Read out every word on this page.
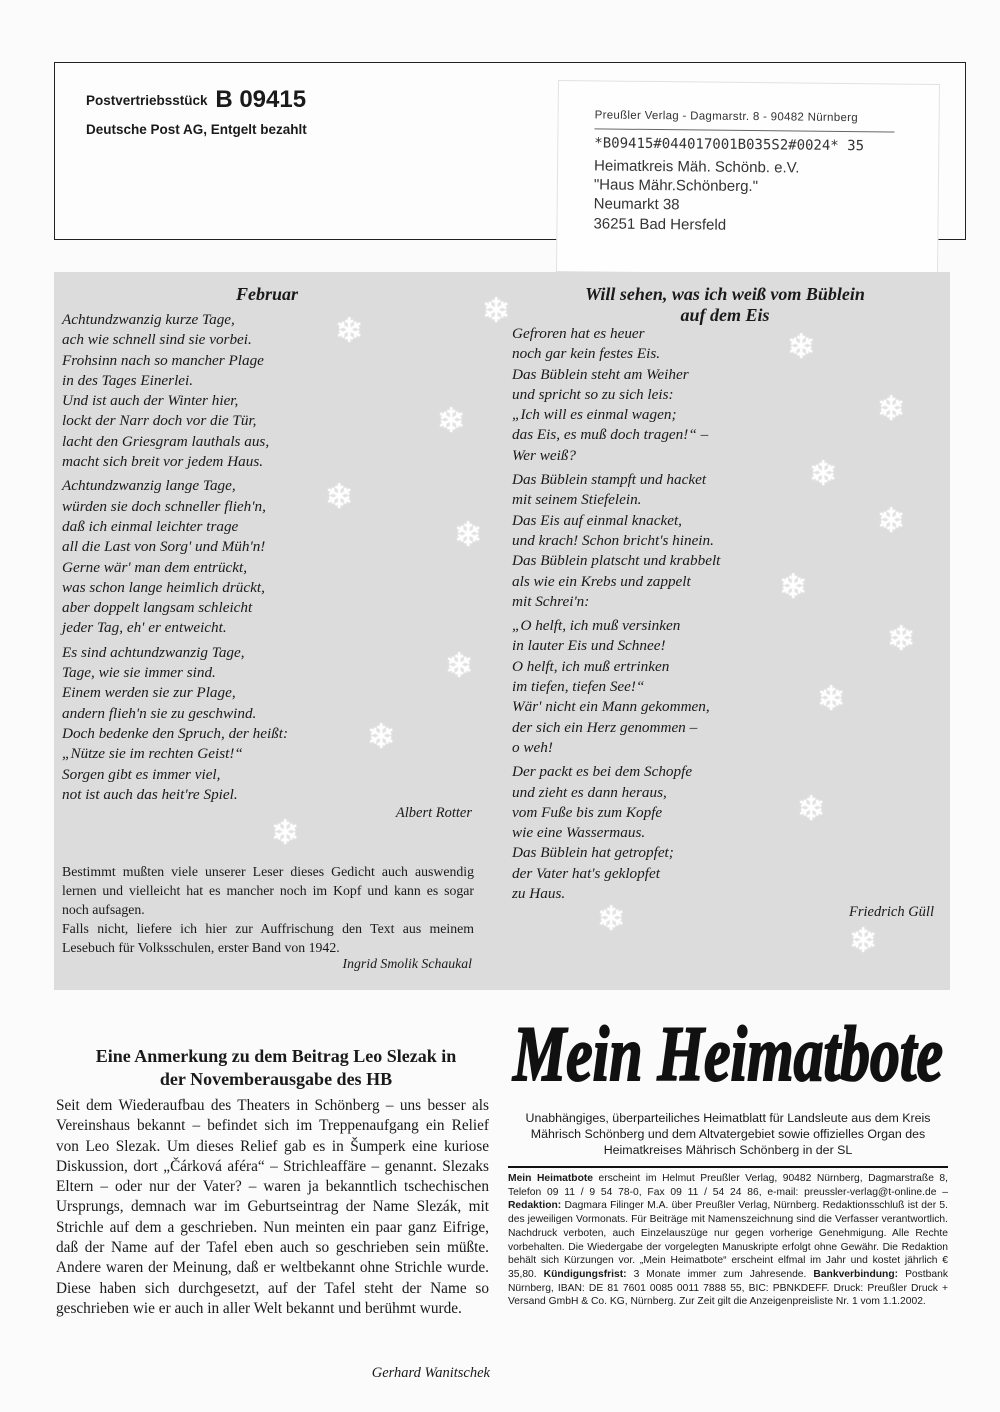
Postvertriebsstück B 09415
Deutsche Post AG, Entgelt bezahlt
Preußler Verlag - Dagmarstr. 8 - 90482 Nürnberg
*B09415#044017001B035S2#0024* 35
Heimatkreis Mäh. Schönb. e.V.
"Haus Mähr.Schönberg."
Neumarkt 38
36251 Bad Hersfeld
❄	❄
❄
❄
❄
❄
❄
❄	❄
❄
❄
❄
❄
❄
❄
❄
❄
❄
Februar
Achtundzwanzig kurze Tage,
ach wie schnell sind sie vorbei.
Frohsinn nach so mancher Plage
in des Tages Einerlei.
Und ist auch der Winter hier,
lockt der Narr doch vor die Tür,
lacht den Griesgram lauthals aus,
macht sich breit vor jedem Haus.
Achtundzwanzig lange Tage,
würden sie doch schneller flieh'n,
daß ich einmal leichter trage
all die Last von Sorg' und Müh'n!
Gerne wär' man dem entrückt,
was schon lange heimlich drückt,
aber doppelt langsam schleicht
jeder Tag, eh' er entweicht.
Es sind achtundzwanzig Tage,
Tage, wie sie immer sind.
Einem werden sie zur Plage,
andern flieh'n sie zu geschwind.
Doch bedenke den Spruch, der heißt:
„Nütze sie im rechten Geist!“
Sorgen gibt es immer viel,
not ist auch das heit're Spiel.
Albert Rotter
Bestimmt mußten viele unserer Leser dieses Gedicht auch auswendig lernen und vielleicht hat es mancher noch im Kopf und kann es sogar noch aufsagen.
Falls nicht, liefere ich hier zur Auffrischung den Text aus meinem Lesebuch für Volksschulen, erster Band von 1942.
Ingrid Smolik Schaukal
Will sehen, was ich weiß vom Büblein
auf dem Eis
Gefroren hat es heuer
noch gar kein festes Eis.
Das Büblein steht am Weiher
und spricht so zu sich leis:
„Ich will es einmal wagen;
das Eis, es muß doch tragen!“ –
Wer weiß?
Das Büblein stampft und hacket
mit seinem Stiefelein.
Das Eis auf einmal knacket,
und krach! Schon bricht's hinein.
Das Büblein platscht und krabbelt
als wie ein Krebs und zappelt
mit Schrei'n:
„O helft, ich muß versinken
in lauter Eis und Schnee!
O helft, ich muß ertrinken
im tiefen, tiefen See!“
Wär' nicht ein Mann gekommen,
der sich ein Herz genommen –
o weh!
Der packt es bei dem Schopfe
und zieht es dann heraus,
vom Fuße bis zum Kopfe
wie eine Wassermaus.
Das Büblein hat getropfet;
der Vater hat's geklopfet
zu Haus.
Friedrich Güll
Eine Anmerkung zu dem Beitrag Leo Slezak in
der Novemberausgabe des HB
Seit dem Wiederaufbau des Theaters in Schönberg – uns besser als Vereinshaus bekannt – befindet sich im Treppenaufgang ein Relief von Leo Slezak. Um dieses Relief gab es in Šumperk eine kuriose Diskussion, dort „Čárková aféra“ – Strichleaffäre – genannt. Slezaks Eltern – oder nur der Vater? – waren ja bekanntlich tschechischen Ursprungs, demnach war im Geburtseintrag der Name Slezák, mit Strichle auf dem a geschrieben. Nun meinten ein paar ganz Eifrige, daß der Name auf der Tafel eben auch so geschrieben sein müßte. Andere waren der Meinung, daß er weltbekannt ohne Strichle wurde. Diese haben sich durchgesetzt, auf der Tafel steht der Name so geschrieben wie er auch in aller Welt bekannt und berühmt wurde.
Gerhard Wanitschek
Mein Heimatbote
Unabhängiges, überparteiliches Heimatblatt für Landsleute aus dem Kreis Mährisch Schönberg und dem Altvatergebiet sowie offizielles Organ des Heimatkreises Mährisch Schönberg in der SL
Mein Heimatbote erscheint im Helmut Preußler Verlag, 90482 Nürnberg, Dagmarstraße 8, Telefon 09 11 / 9 54 78-0, Fax 09 11 / 54 24 86, e-mail: preussler-verlag@t-online.de – Redaktion: Dagmara Filinger M.A. über Preußler Verlag, Nürnberg. Redaktionsschluß ist der 5. des jeweiligen Vormonats. Für Beiträge mit Namenszeichnung sind die Verfasser verantwortlich. Nachdruck verboten, auch Einzelauszüge nur gegen vorherige Genehmigung. Alle Rechte vorbehalten. Die Wiedergabe der vorgelegten Manuskripte erfolgt ohne Gewähr. Die Redaktion behält sich Kürzungen vor. „Mein Heimatbote“ erscheint elfmal im Jahr und kostet jährlich € 35,80. Kündigungsfrist: 3 Monate immer zum Jahresende. Bankverbindung: Postbank Nürnberg, IBAN: DE 81 7601 0085 0011 7888 55, BIC: PBNKDEFF. Druck: Preußler Druck + Versand GmbH & Co. KG, Nürnberg. Zur Zeit gilt die Anzeigenpreisliste Nr. 1 vom 1.1.2002.
